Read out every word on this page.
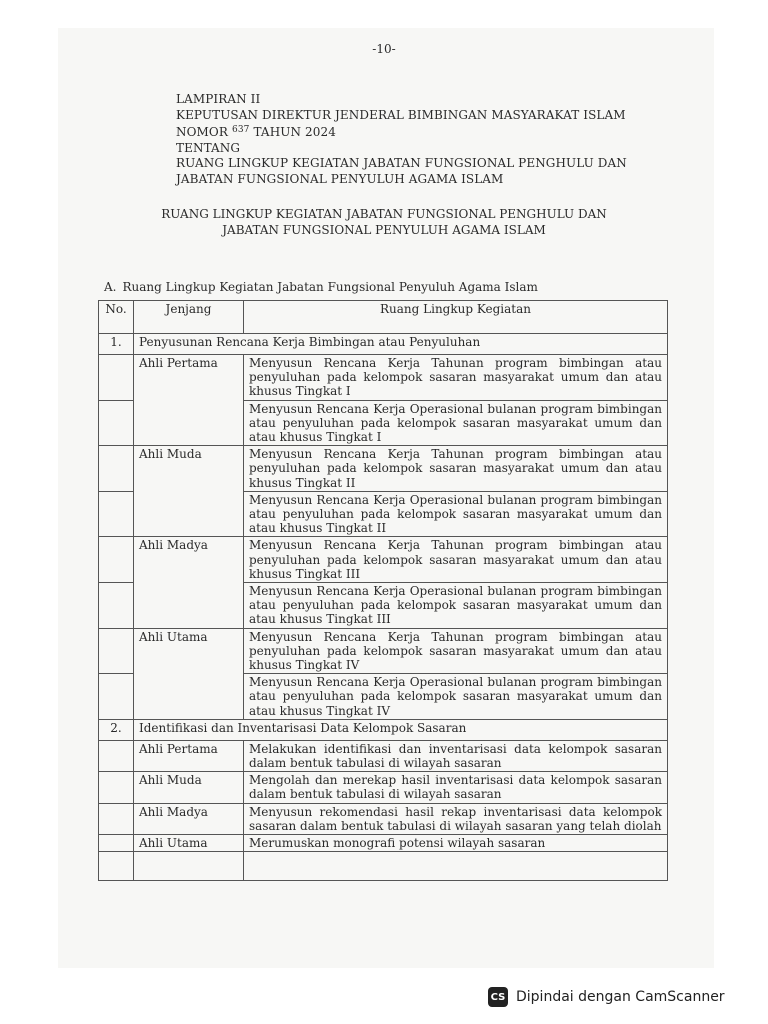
-10-
LAMPIRAN II
KEPUTUSAN DIREKTUR JENDERAL BIMBINGAN MASYARAKAT ISLAM
NOMOR $^{637}$ TAHUN 2024
TENTANG
RUANG LINGKUP KEGIATAN JABATAN FUNGSIONAL PENGHULU DAN
JABATAN FUNGSIONAL PENYULUH AGAMA ISLAM
RUANG LINGKUP KEGIATAN JABATAN FUNGSIONAL PENGHULU DAN
JABATAN FUNGSIONAL PENYULUH AGAMA ISLAM
A. Ruang Lingkup Kegiatan Jabatan Fungsional Penyuluh Agama Islam
No.	Jenjang	Ruang Lingkup Kegiatan
1.	Penyusunan Rencana Kerja Bimbingan atau Penyuluhan	
	Ahli Pertama	Menyusun Rencana Kerja Tahunan program bimbingan atau penyuluhan pada kelompok sasaran masyarakat umum dan atau khusus Tingkat I
		Menyusun Rencana Kerja Operasional bulanan program bimbingan atau penyuluhan pada kelompok sasaran masyarakat umum dan atau khusus Tingkat I
	Ahli Muda	Menyusun Rencana Kerja Tahunan program bimbingan atau penyuluhan pada kelompok sasaran masyarakat umum dan atau khusus Tingkat II
		Menyusun Rencana Kerja Operasional bulanan program bimbingan atau penyuluhan pada kelompok sasaran masyarakat umum dan atau khusus Tingkat II
	Ahli Madya	Menyusun Rencana Kerja Tahunan program bimbingan atau penyuluhan pada kelompok sasaran masyarakat umum dan atau khusus Tingkat III
		Menyusun Rencana Kerja Operasional bulanan program bimbingan atau penyuluhan pada kelompok sasaran masyarakat umum dan atau khusus Tingkat III
	Ahli Utama	Menyusun Rencana Kerja Tahunan program bimbingan atau penyuluhan pada kelompok sasaran masyarakat umum dan atau khusus Tingkat IV
		Menyusun Rencana Kerja Operasional bulanan program bimbingan atau penyuluhan pada kelompok sasaran masyarakat umum dan atau khusus Tingkat IV
2.	Identifikasi dan Inventarisasi Data Kelompok Sasaran	
	Ahli Pertama	Melakukan identifikasi dan inventarisasi data kelompok sasaran dalam bentuk tabulasi di wilayah sasaran
	Ahli Muda	Mengolah dan merekap hasil inventarisasi data kelompok sasaran dalam bentuk tabulasi di wilayah sasaran
	Ahli Madya	Menyusun rekomendasi hasil rekap inventarisasi data kelompok sasaran dalam bentuk tabulasi di wilayah sasaran yang telah diolah
	Ahli Utama	Merumuskan monografi potensi wilayah sasaran

CS Dipindai dengan CamScanner
